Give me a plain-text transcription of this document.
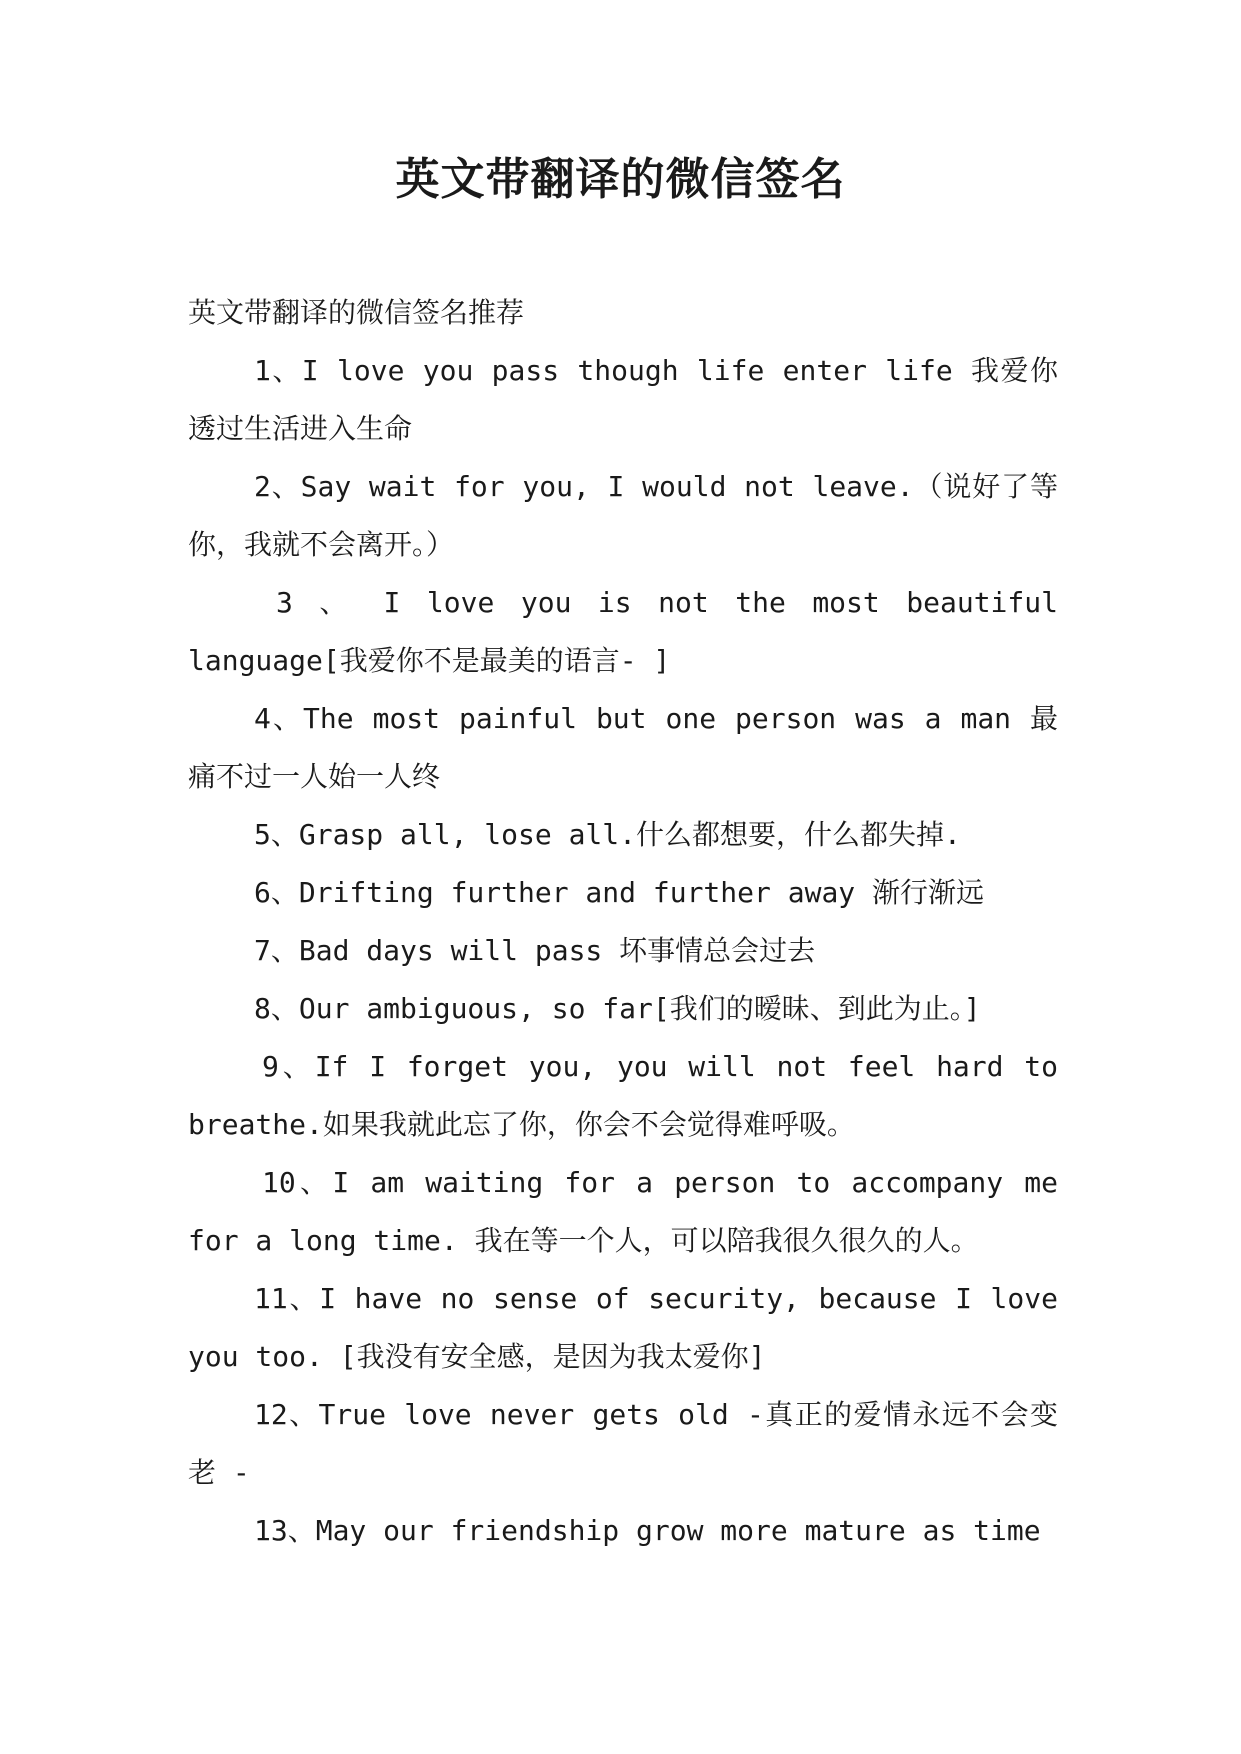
英文带翻译的微信签名

英文带翻译的微信签名推荐

1、I love you pass though life enter life 我爱你透过生活进入生命

2、Say wait for you, I would not leave.（说好了等你，我就不会离开。）

3 、 I love you is not the most beautiful language[我爱你不是最美的语言- ]

4、The most painful but one person was a man 最痛不过一人始一人终

5、Grasp all, lose all.什么都想要，什么都失掉.

6、Drifting further and further away 渐行渐远

7、Bad days will pass 坏事情总会过去

8、Our ambiguous, so far[我们的暧昧、到此为止。]

9、If I forget you, you will not feel hard to breathe.如果我就此忘了你，你会不会觉得难呼吸。

10、I am waiting for a person to accompany me for a long time. 我在等一个人，可以陪我很久很久的人。

11、I have no sense of security, because I love you too. [我没有安全感，是因为我太爱你]

12、True love never gets old -真正的爱情永远不会变老 -

13、May our friendship grow more mature as time
